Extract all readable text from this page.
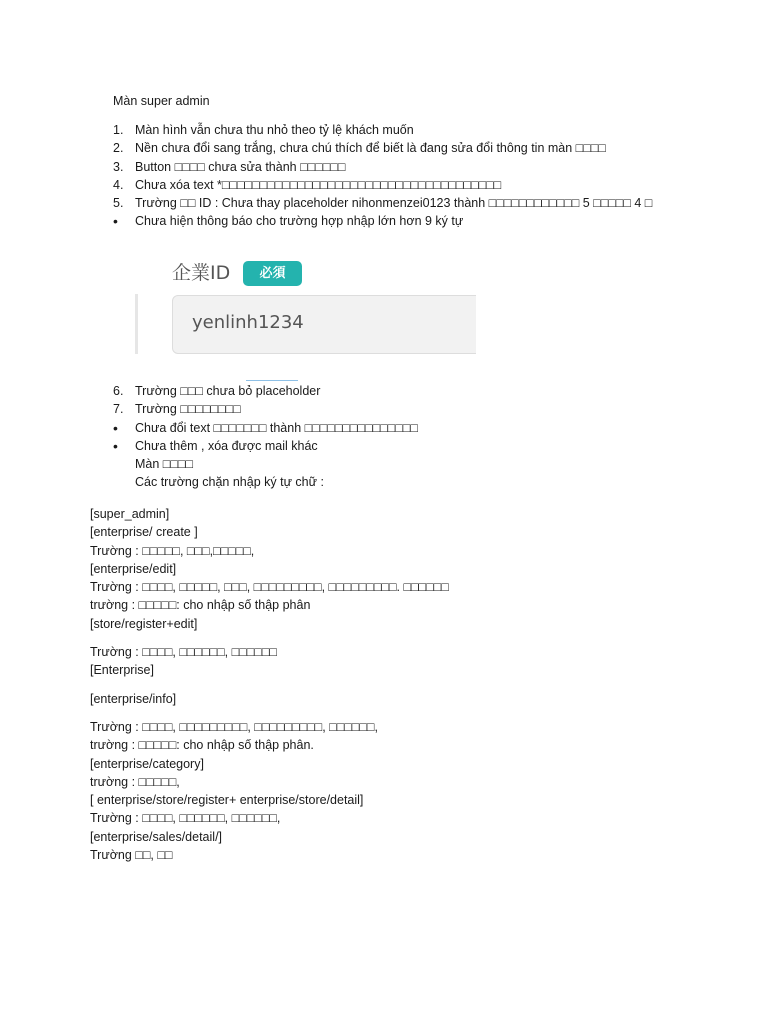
Màn super admin
1. Màn hình vẫn chưa thu nhỏ theo tỷ lệ khách muốn
2. Nền chưa đổi sang trắng, chưa chú thích để biết là đang sửa đổi thông tin màn □□□□
3. Button □□□□ chưa sửa thành □□□□□□
4. Chưa xóa text *□□□□□□□□□□□□□□□□□□□□□□□□□□□□□□□□□□□□□
5. Trường □□ ID : Chưa thay placeholder nihonmenzei0123 thành □□□□□□□□□□□□ 5 □□□□□ 4 □
•	Chưa hiện thông báo cho trường hợp nhập lớn hơn 9 ký tự
企業ID	必須
yenlinh1234
6. Trường □□□ chưa bỏ placeholder
7. Trường □□□□□□□□
•	Chưa đổi text □□□□□□□ thành □□□□□□□□□□□□□□□
•	Chưa thêm , xóa được mail khác
Màn □□□□
Các trường chặn nhập ký tự chữ :
[super_admin]
[enterprise/ create ]
Trường : □□□□□, □□□,□□□□□,
[enterprise/edit]
Trường : □□□□, □□□□□, □□□, □□□□□□□□□, □□□□□□□□□. □□□□□□
trường : □□□□□: cho nhập số thập phân
[store/register+edit]
Trường : □□□□, □□□□□□, □□□□□□
[Enterprise]
[enterprise/info]
Trường : □□□□, □□□□□□□□□, □□□□□□□□□, □□□□□□,
trường : □□□□□: cho nhập số thập phân.
[enterprise/category]
trường : □□□□□,
[ enterprise/store/register+ enterprise/store/detail]
Trường : □□□□, □□□□□□, □□□□□□,
[enterprise/sales/detail/]
Trường □□, □□
